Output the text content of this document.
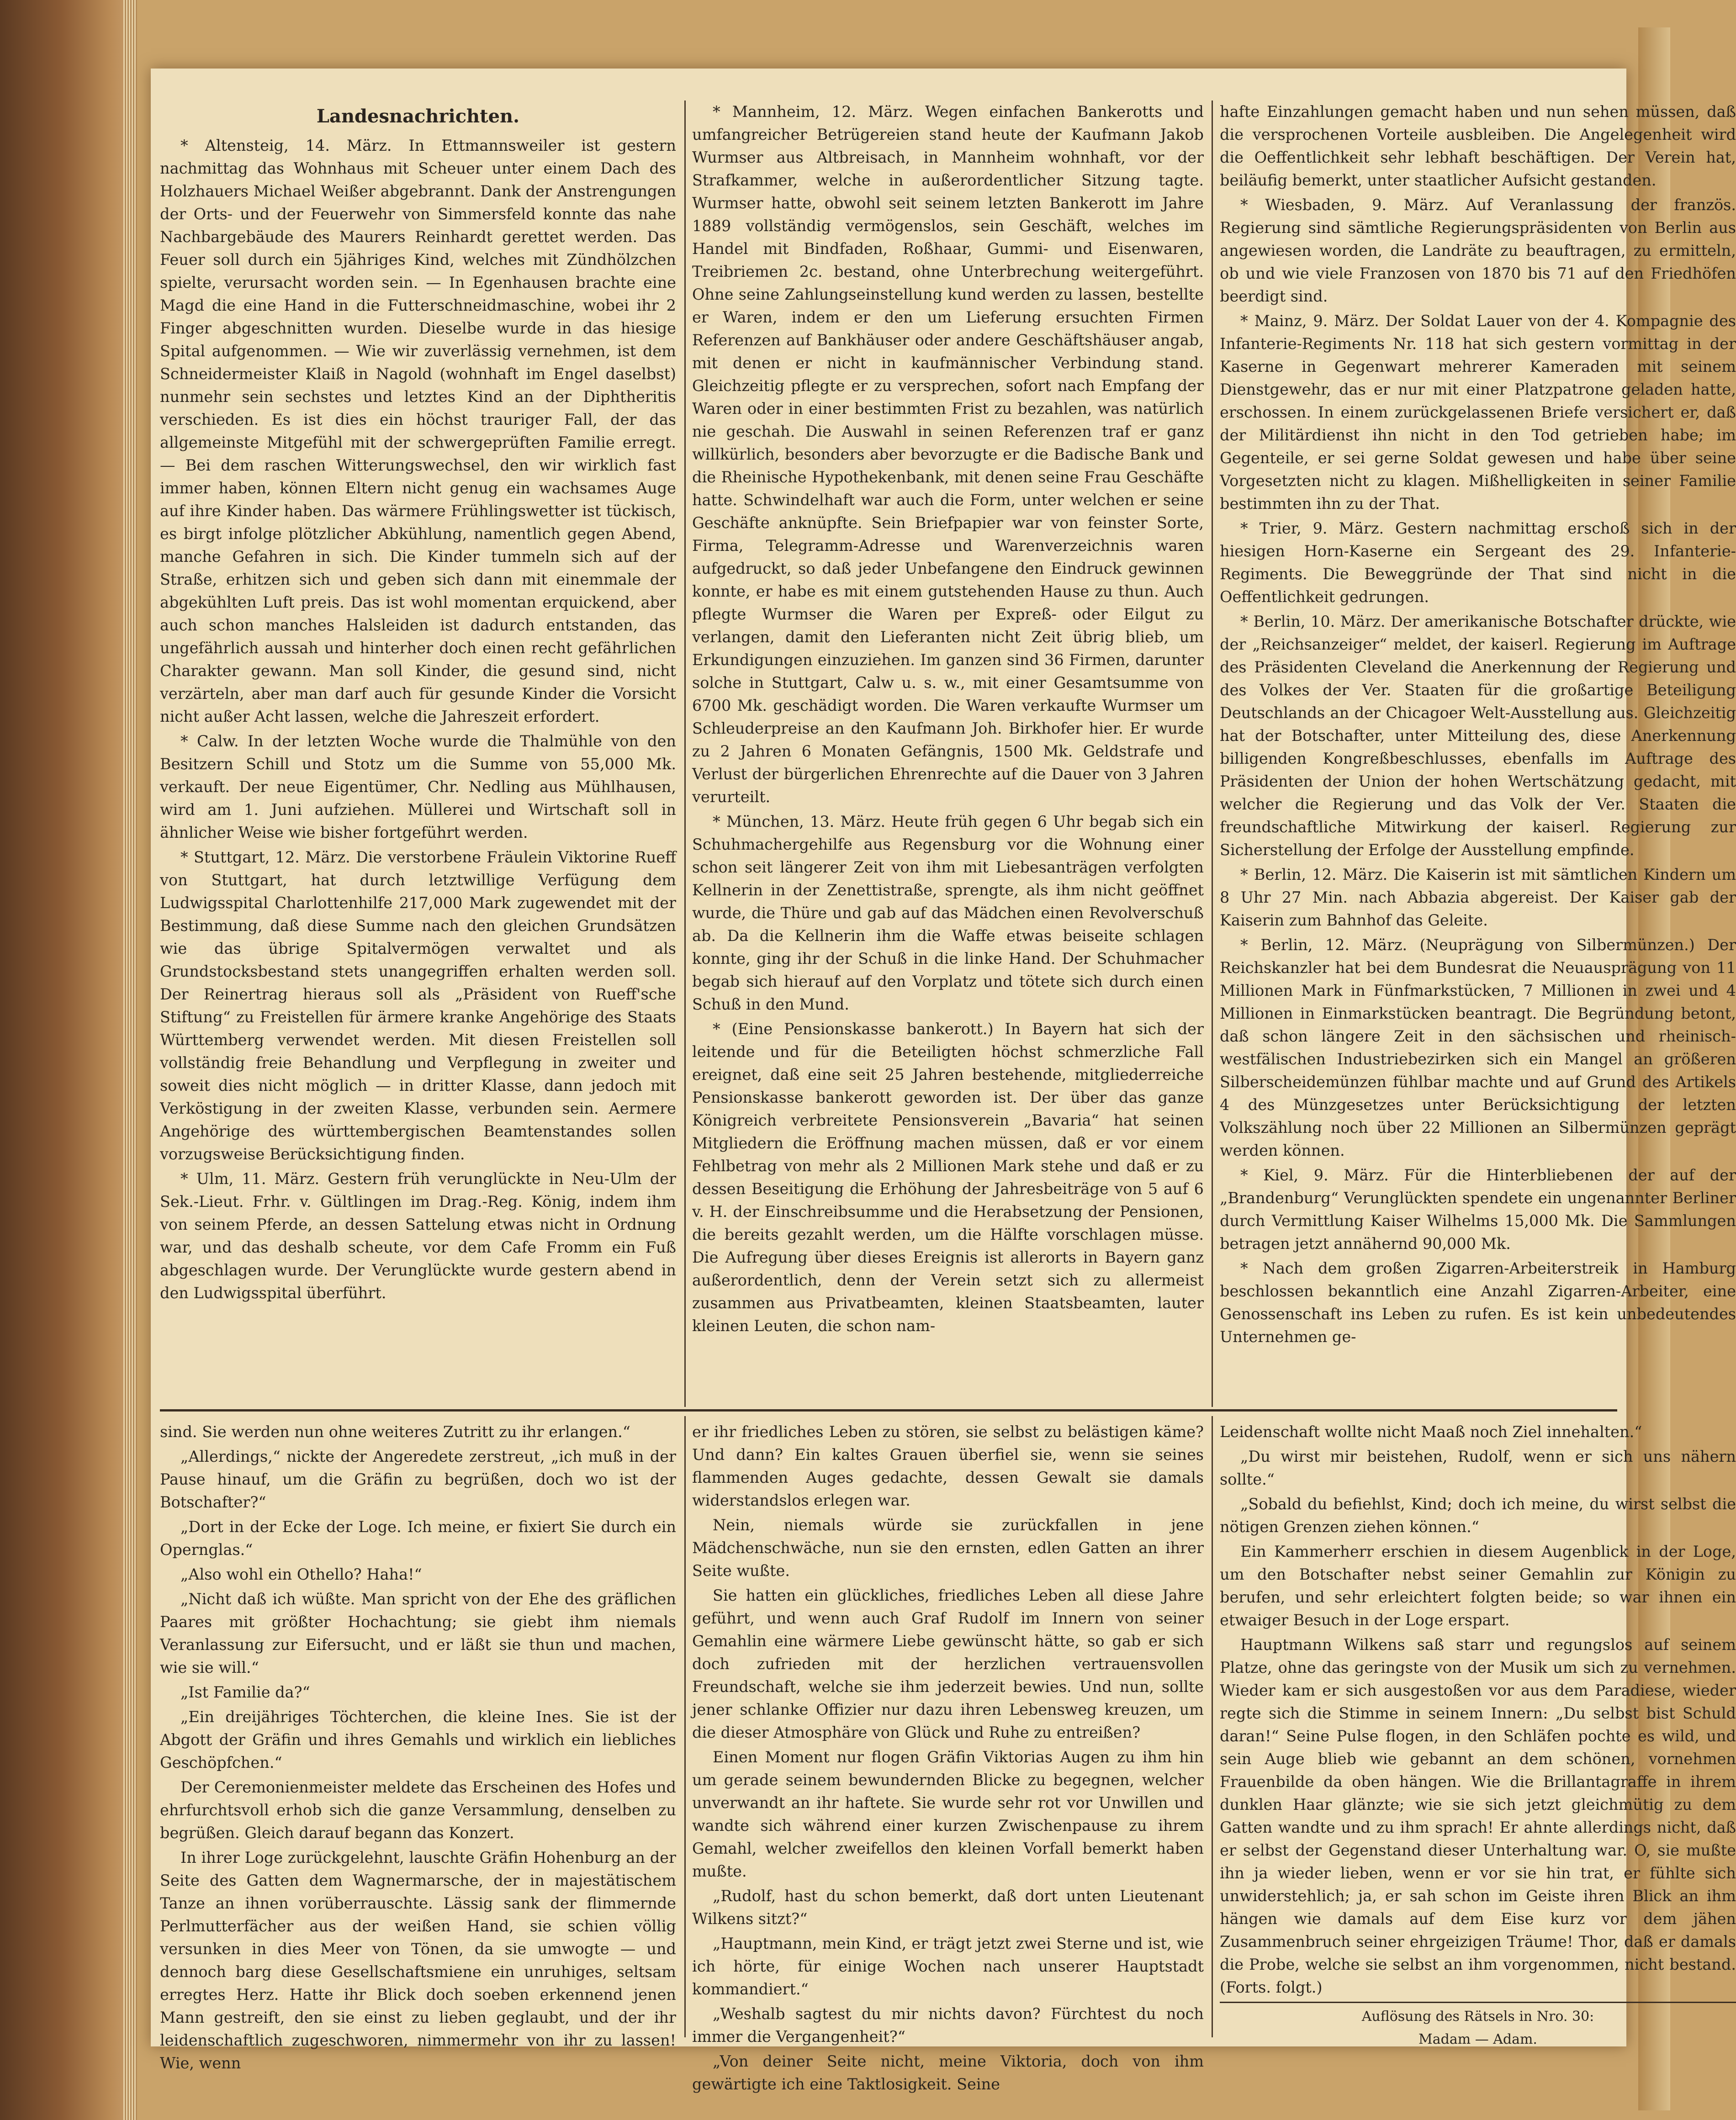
Landesnachrichten.

* Altensteig, 14. März. In Ettmannsweiler ist gestern nachmittag das Wohnhaus mit Scheuer unter einem Dach des Holzhauers Michael Weißer abgebrannt. Dank der Anstrengungen der Orts- und der Feuerwehr von Simmersfeld konnte das nahe Nachbargebäude des Maurers Reinhardt gerettet werden. Das Feuer soll durch ein 5jähriges Kind, welches mit Zündhölzchen spielte, verursacht worden sein. — In Egenhausen brachte eine Magd die eine Hand in die Futterschneidmaschine, wobei ihr 2 Finger abgeschnitten wurden. Dieselbe wurde in das hiesige Spital aufgenommen. — Wie wir zuverlässig vernehmen, ist dem Schneidermeister Klaiß in Nagold (wohnhaft im Engel daselbst) nunmehr sein sechstes und letztes Kind an der Diphtheritis verschieden. Es ist dies ein höchst trauriger Fall, der das allgemeinste Mitgefühl mit der schwergeprüften Familie erregt. — Bei dem raschen Witterungswechsel, den wir wirklich fast immer haben, können Eltern nicht genug ein wachsames Auge auf ihre Kinder haben. Das wärmere Frühlingswetter ist tückisch, es birgt infolge plötzlicher Abkühlung, namentlich gegen Abend, manche Gefahren in sich. Die Kinder tummeln sich auf der Straße, erhitzen sich und geben sich dann mit einemmale der abgekühlten Luft preis. Das ist wohl momentan erquickend, aber auch schon manches Halsleiden ist dadurch entstanden, das ungefährlich aussah und hinterher doch einen recht gefährlichen Charakter gewann. Man soll Kinder, die gesund sind, nicht verzärteln, aber man darf auch für gesunde Kinder die Vorsicht nicht außer Acht lassen, welche die Jahreszeit erfordert.

* Calw. In der letzten Woche wurde die Thalmühle von den Besitzern Schill und Stotz um die Summe von 55,000 Mk. verkauft. Der neue Eigentümer, Chr. Nedling aus Mühlhausen, wird am 1. Juni aufziehen. Müllerei und Wirtschaft soll in ähnlicher Weise wie bisher fortgeführt werden.

* Stuttgart, 12. März. Die verstorbene Fräulein Viktorine Rueff von Stuttgart, hat durch letztwillige Verfügung dem Ludwigsspital Charlottenhilfe 217,000 Mark zugewendet mit der Bestimmung, daß diese Summe nach den gleichen Grundsätzen wie das übrige Spitalvermögen verwaltet und als Grundstocksbestand stets unangegriffen erhalten werden soll. Der Reinertrag hieraus soll als „Präsident von Rueff'sche Stiftung“ zu Freistellen für ärmere kranke Angehörige des Staats Württemberg verwendet werden. Mit diesen Freistellen soll vollständig freie Behandlung und Verpflegung in zweiter und soweit dies nicht möglich — in dritter Klasse, dann jedoch mit Verköstigung in der zweiten Klasse, verbunden sein. Aermere Angehörige des württembergischen Beamtenstandes sollen vorzugsweise Berücksichtigung finden.

* Ulm, 11. März. Gestern früh verunglückte in Neu-Ulm der Sek.-Lieut. Frhr. v. Gültlingen im Drag.-Reg. König, indem ihm von seinem Pferde, an dessen Sattelung etwas nicht in Ordnung war, und das deshalb scheute, vor dem Cafe Fromm ein Fuß abgeschlagen wurde. Der Verunglückte wurde gestern abend in den Ludwigsspital überführt.

* Mannheim, 12. März. Wegen einfachen Bankerotts und umfangreicher Betrügereien stand heute der Kaufmann Jakob Wurmser aus Altbreisach, in Mannheim wohnhaft, vor der Strafkammer, welche in außerordentlicher Sitzung tagte. Wurmser hatte, obwohl seit seinem letzten Bankerott im Jahre 1889 vollständig vermögenslos, sein Geschäft, welches im Handel mit Bindfaden, Roßhaar, Gummi- und Eisenwaren, Treibriemen 2c. bestand, ohne Unterbrechung weitergeführt. Ohne seine Zahlungseinstellung kund werden zu lassen, bestellte er Waren, indem er den um Lieferung ersuchten Firmen Referenzen auf Bankhäuser oder andere Geschäftshäuser angab, mit denen er nicht in kaufmännischer Verbindung stand. Gleichzeitig pflegte er zu versprechen, sofort nach Empfang der Waren oder in einer bestimmten Frist zu bezahlen, was natürlich nie geschah. Die Auswahl in seinen Referenzen traf er ganz willkürlich, besonders aber bevorzugte er die Badische Bank und die Rheinische Hypothekenbank, mit denen seine Frau Geschäfte hatte. Schwindelhaft war auch die Form, unter welchen er seine Geschäfte anknüpfte. Sein Briefpapier war von feinster Sorte, Firma, Telegramm-Adresse und Warenverzeichnis waren aufgedruckt, so daß jeder Unbefangene den Eindruck gewinnen konnte, er habe es mit einem gutstehenden Hause zu thun. Auch pflegte Wurmser die Waren per Expreß- oder Eilgut zu verlangen, damit den Lieferanten nicht Zeit übrig blieb, um Erkundigungen einzuziehen. Im ganzen sind 36 Firmen, darunter solche in Stuttgart, Calw u. s. w., mit einer Gesamtsumme von 6700 Mk. geschädigt worden. Die Waren verkaufte Wurmser um Schleuderpreise an den Kaufmann Joh. Birkhofer hier. Er wurde zu 2 Jahren 6 Monaten Gefängnis, 1500 Mk. Geldstrafe und Verlust der bürgerlichen Ehrenrechte auf die Dauer von 3 Jahren verurteilt.

* München, 13. März. Heute früh gegen 6 Uhr begab sich ein Schuhmachergehilfe aus Regensburg vor die Wohnung einer schon seit längerer Zeit von ihm mit Liebesanträgen verfolgten Kellnerin in der Zenettistraße, sprengte, als ihm nicht geöffnet wurde, die Thüre und gab auf das Mädchen einen Revolverschuß ab. Da die Kellnerin ihm die Waffe etwas beiseite schlagen konnte, ging ihr der Schuß in die linke Hand. Der Schuhmacher begab sich hierauf auf den Vorplatz und tötete sich durch einen Schuß in den Mund.

* (Eine Pensionskasse bankerott.) In Bayern hat sich der leitende und für die Beteiligten höchst schmerzliche Fall ereignet, daß eine seit 25 Jahren bestehende, mitgliederreiche Pensionskasse bankerott geworden ist. Der über das ganze Königreich verbreitete Pensionsverein „Bavaria“ hat seinen Mitgliedern die Eröffnung machen müssen, daß er vor einem Fehlbetrag von mehr als 2 Millionen Mark stehe und daß er zu dessen Beseitigung die Erhöhung der Jahresbeiträge von 5 auf 6 v. H. der Einschreibsumme und die Herabsetzung der Pensionen, die bereits gezahlt werden, um die Hälfte vorschlagen müsse. Die Aufregung über dieses Ereignis ist allerorts in Bayern ganz außerordentlich, denn der Verein setzt sich zu allermeist zusammen aus Privatbeamten, kleinen Staatsbeamten, lauter kleinen Leuten, die schon nam-

hafte Einzahlungen gemacht haben und nun sehen müssen, daß die versprochenen Vorteile ausbleiben. Die Angelegenheit wird die Oeffentlichkeit sehr lebhaft beschäftigen. Der Verein hat, beiläufig bemerkt, unter staatlicher Aufsicht gestanden.

* Wiesbaden, 9. März. Auf Veranlassung der französ. Regierung sind sämtliche Regierungspräsidenten von Berlin aus angewiesen worden, die Landräte zu beauftragen, zu ermitteln, ob und wie viele Franzosen von 1870 bis 71 auf den Friedhöfen beerdigt sind.

* Mainz, 9. März. Der Soldat Lauer von der 4. Kompagnie des Infanterie-Regiments Nr. 118 hat sich gestern vormittag in der Kaserne in Gegenwart mehrerer Kameraden mit seinem Dienstgewehr, das er nur mit einer Platzpatrone geladen hatte, erschossen. In einem zurückgelassenen Briefe versichert er, daß der Militärdienst ihn nicht in den Tod getrieben habe; im Gegenteile, er sei gerne Soldat gewesen und habe über seine Vorgesetzten nicht zu klagen. Mißhelligkeiten in seiner Familie bestimmten ihn zu der That.

* Trier, 9. März. Gestern nachmittag erschoß sich in der hiesigen Horn-Kaserne ein Sergeant des 29. Infanterie-Regiments. Die Beweggründe der That sind nicht in die Oeffentlichkeit gedrungen.

* Berlin, 10. März. Der amerikanische Botschafter drückte, wie der „Reichsanzeiger“ meldet, der kaiserl. Regierung im Auftrage des Präsidenten Cleveland die Anerkennung der Regierung und des Volkes der Ver. Staaten für die großartige Beteiligung Deutschlands an der Chicagoer Welt-Ausstellung aus. Gleichzeitig hat der Botschafter, unter Mitteilung des, diese Anerkennung billigenden Kongreßbeschlusses, ebenfalls im Auftrage des Präsidenten der Union der hohen Wertschätzung gedacht, mit welcher die Regierung und das Volk der Ver. Staaten die freundschaftliche Mitwirkung der kaiserl. Regierung zur Sicherstellung der Erfolge der Ausstellung empfinde.

* Berlin, 12. März. Die Kaiserin ist mit sämtlichen Kindern um 8 Uhr 27 Min. nach Abbazia abgereist. Der Kaiser gab der Kaiserin zum Bahnhof das Geleite.

* Berlin, 12. März. (Neuprägung von Silbermünzen.) Der Reichskanzler hat bei dem Bundesrat die Neuausprägung von 11 Millionen Mark in Fünfmarkstücken, 7 Millionen in zwei und 4 Millionen in Einmarkstücken beantragt. Die Begründung betont, daß schon längere Zeit in den sächsischen und rheinisch-westfälischen Industriebezirken sich ein Mangel an größeren Silberscheidemünzen fühlbar machte und auf Grund des Artikels 4 des Münzgesetzes unter Berücksichtigung der letzten Volkszählung noch über 22 Millionen an Silbermünzen geprägt werden können.

* Kiel, 9. März. Für die Hinterbliebenen der auf der „Brandenburg“ Verunglückten spendete ein ungenannter Berliner durch Vermittlung Kaiser Wilhelms 15,000 Mk. Die Sammlungen betragen jetzt annähernd 90,000 Mk.

* Nach dem großen Zigarren-Arbeiterstreik in Hamburg beschlossen bekanntlich eine Anzahl Zigarren-Arbeiter, eine Genossenschaft ins Leben zu rufen. Es ist kein unbedeutendes Unternehmen ge-

sind. Sie werden nun ohne weiteres Zutritt zu ihr erlangen.“

„Allerdings,“ nickte der Angeredete zerstreut, „ich muß in der Pause hinauf, um die Gräfin zu begrüßen, doch wo ist der Botschafter?“

„Dort in der Ecke der Loge. Ich meine, er fixiert Sie durch ein Opernglas.“

„Also wohl ein Othello? Haha!“

„Nicht daß ich wüßte. Man spricht von der Ehe des gräflichen Paares mit größter Hochachtung; sie giebt ihm niemals Veranlassung zur Eifersucht, und er läßt sie thun und machen, wie sie will.“

„Ist Familie da?“

„Ein dreijähriges Töchterchen, die kleine Ines. Sie ist der Abgott der Gräfin und ihres Gemahls und wirklich ein liebliches Geschöpfchen.“

Der Ceremonienmeister meldete das Erscheinen des Hofes und ehrfurchtsvoll erhob sich die ganze Versammlung, denselben zu begrüßen. Gleich darauf begann das Konzert.

In ihrer Loge zurückgelehnt, lauschte Gräfin Hohenburg an der Seite des Gatten dem Wagnermarsche, der in majestätischem Tanze an ihnen vorüberrauschte. Lässig sank der flimmernde Perlmutterfächer aus der weißen Hand, sie schien völlig versunken in dies Meer von Tönen, da sie umwogte — und dennoch barg diese Gesellschaftsmiene ein unruhiges, seltsam erregtes Herz. Hatte ihr Blick doch soeben erkennend jenen Mann gestreift, den sie einst zu lieben geglaubt, und der ihr leidenschaftlich zugeschworen, nimmermehr von ihr zu lassen! Wie, wenn

er ihr friedliches Leben zu stören, sie selbst zu belästigen käme? Und dann? Ein kaltes Grauen überfiel sie, wenn sie seines flammenden Auges gedachte, dessen Gewalt sie damals widerstandslos erlegen war.

Nein, niemals würde sie zurückfallen in jene Mädchenschwäche, nun sie den ernsten, edlen Gatten an ihrer Seite wußte.

Sie hatten ein glückliches, friedliches Leben all diese Jahre geführt, und wenn auch Graf Rudolf im Innern von seiner Gemahlin eine wärmere Liebe gewünscht hätte, so gab er sich doch zufrieden mit der herzlichen vertrauensvollen Freundschaft, welche sie ihm jederzeit bewies. Und nun, sollte jener schlanke Offizier nur dazu ihren Lebensweg kreuzen, um die dieser Atmosphäre von Glück und Ruhe zu entreißen?

Einen Moment nur flogen Gräfin Viktorias Augen zu ihm hin um gerade seinem bewundernden Blicke zu begegnen, welcher unverwandt an ihr haftete. Sie wurde sehr rot vor Unwillen und wandte sich während einer kurzen Zwischenpause zu ihrem Gemahl, welcher zweifellos den kleinen Vorfall bemerkt haben mußte.

„Rudolf, hast du schon bemerkt, daß dort unten Lieutenant Wilkens sitzt?“

„Hauptmann, mein Kind, er trägt jetzt zwei Sterne und ist, wie ich hörte, für einige Wochen nach unserer Hauptstadt kommandiert.“

„Weshalb sagtest du mir nichts davon? Fürchtest du noch immer die Vergangenheit?“

„Von deiner Seite nicht, meine Viktoria, doch von ihm gewärtigte ich eine Taktlosigkeit. Seine

Leidenschaft wollte nicht Maaß noch Ziel innehalten.“

„Du wirst mir beistehen, Rudolf, wenn er sich uns nähern sollte.“

„Sobald du befiehlst, Kind; doch ich meine, du wirst selbst die nötigen Grenzen ziehen können.“

Ein Kammerherr erschien in diesem Augenblick in der Loge, um den Botschafter nebst seiner Gemahlin zur Königin zu berufen, und sehr erleichtert folgten beide; so war ihnen ein etwaiger Besuch in der Loge erspart.

Hauptmann Wilkens saß starr und regungslos auf seinem Platze, ohne das geringste von der Musik um sich zu vernehmen. Wieder kam er sich ausgestoßen vor aus dem Paradiese, wieder regte sich die Stimme in seinem Innern: „Du selbst bist Schuld daran!“ Seine Pulse flogen, in den Schläfen pochte es wild, und sein Auge blieb wie gebannt an dem schönen, vornehmen Frauenbilde da oben hängen. Wie die Brillantagraffe in ihrem dunklen Haar glänzte; wie sie sich jetzt gleichmütig zu dem Gatten wandte und zu ihm sprach! Er ahnte allerdings nicht, daß er selbst der Gegenstand dieser Unterhaltung war. O, sie mußte ihn ja wieder lieben, wenn er vor sie hin trat, er fühlte sich unwiderstehlich; ja, er sah schon im Geiste ihren Blick an ihm hängen wie damals auf dem Eise kurz vor dem jähen Zusammenbruch seiner ehrgeizigen Träume! Thor, daß er damals die Probe, welche sie selbst an ihm vorgenommen, nicht bestand. (Forts. folgt.)

Auflösung des Rätsels in Nro. 30:
Madam — Adam.
